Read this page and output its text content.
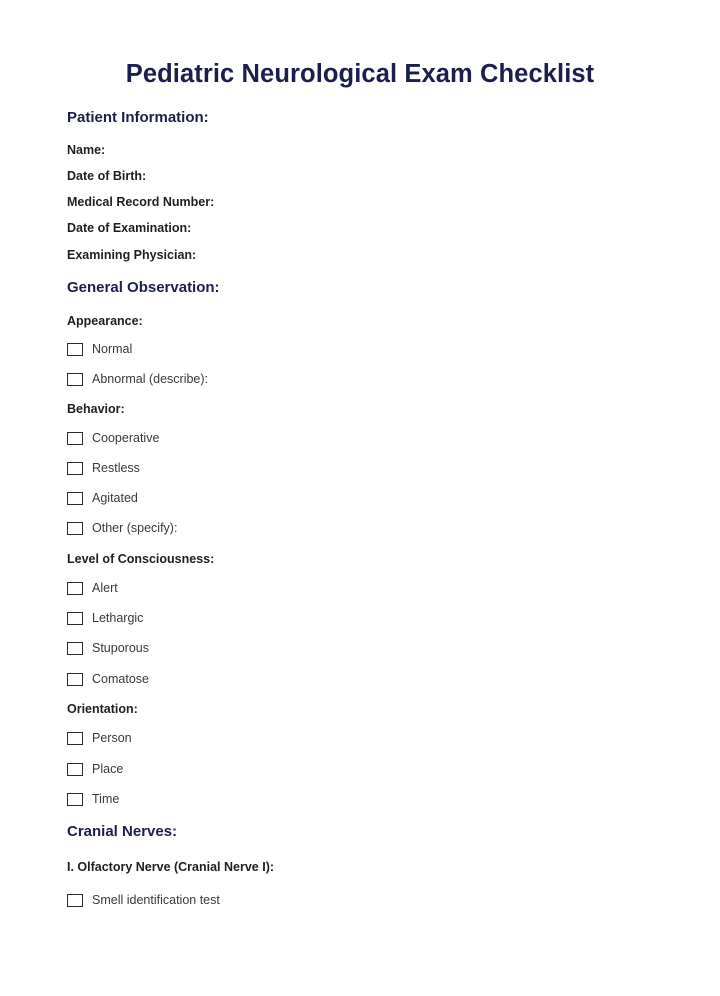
Pediatric Neurological Exam Checklist
Patient Information:
Name:
Date of Birth:
Medical Record Number:
Date of Examination:
Examining Physician:
General Observation:
Appearance:
Normal
Abnormal (describe):
Behavior:
Cooperative
Restless
Agitated
Other (specify):
Level of Consciousness:
Alert
Lethargic
Stuporous
Comatose
Orientation:
Person
Place
Time
Cranial Nerves:
I. Olfactory Nerve (Cranial Nerve I):
Smell identification test
